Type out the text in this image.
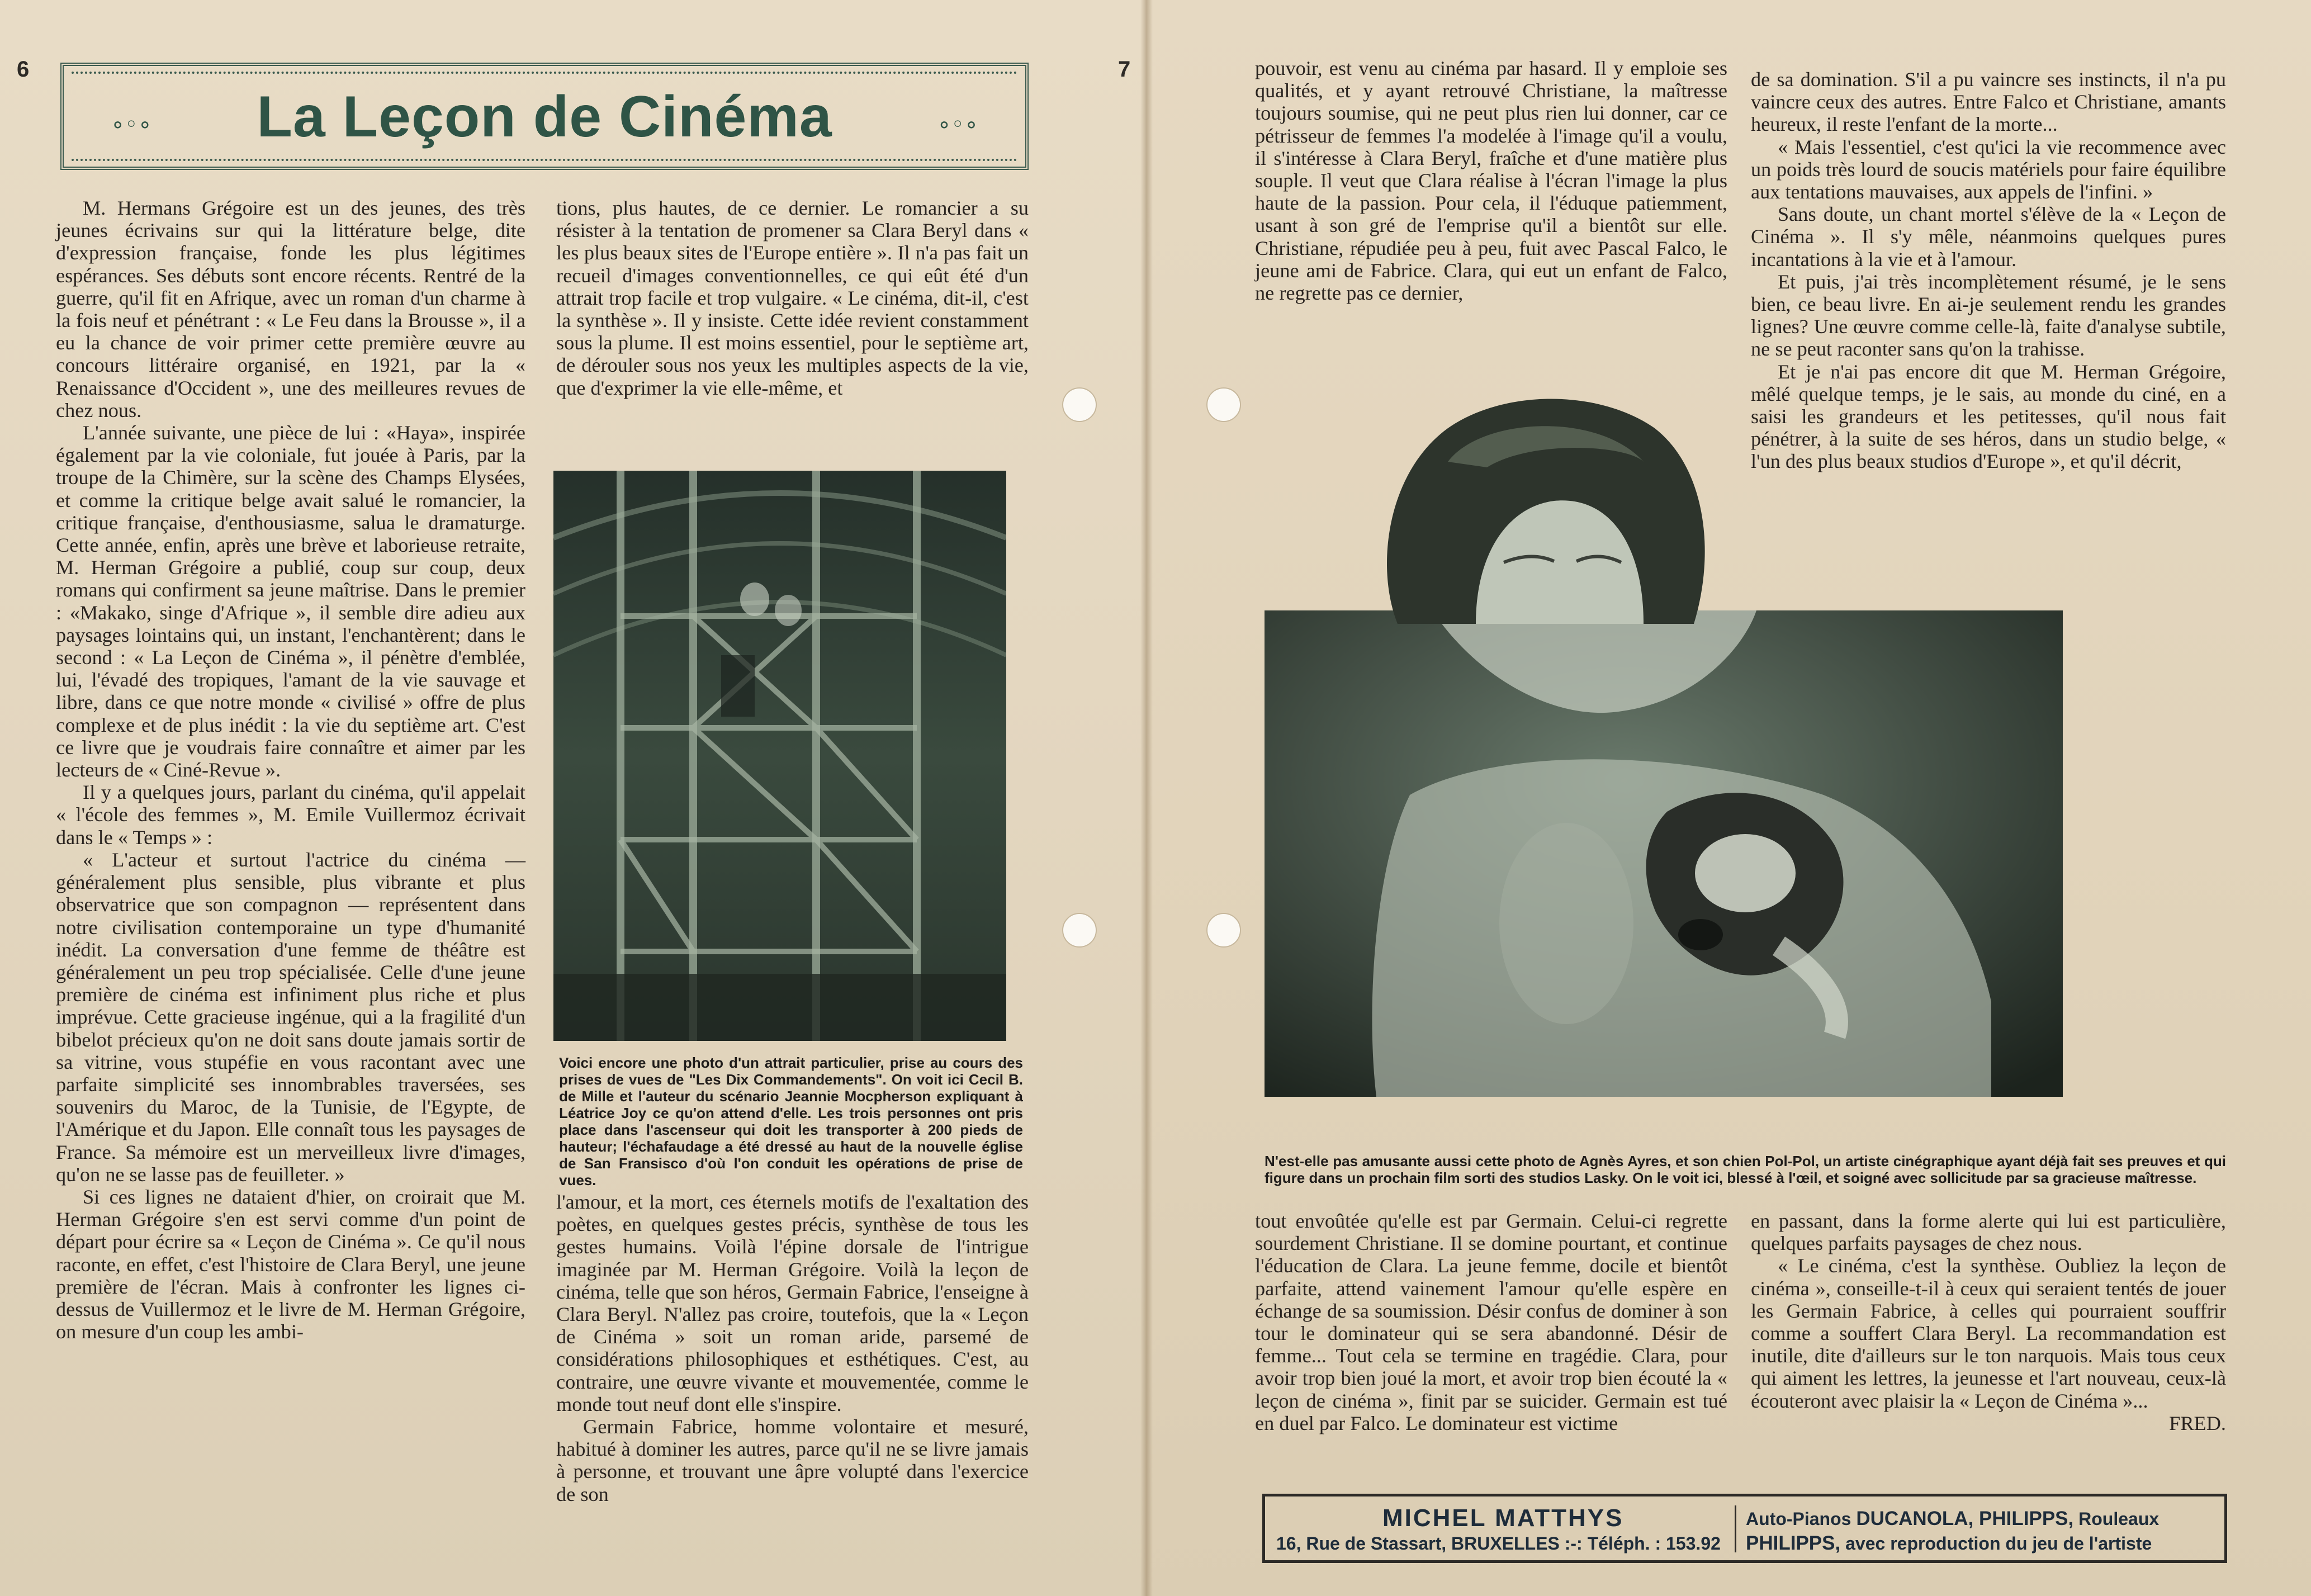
6	7
∘◦∘	La Leçon de Cinéma	∘◦∘

M. Hermans Grégoire est un des jeunes, des très jeunes écrivains sur qui la littérature belge, dite d'expression française, fonde les plus légitimes espérances. Ses débuts sont encore récents. Rentré de la guerre, qu'il fit en Afrique, avec un roman d'un charme à la fois neuf et pénétrant : « Le Feu dans la Brousse », il a eu la chance de voir primer cette première œuvre au concours littéraire organisé, en 1921, par la « Renaissance d'Occident », une des meilleures revues de chez nous.

L'année suivante, une pièce de lui : «Haya», inspirée également par la vie coloniale, fut jouée à Paris, par la troupe de la Chimère, sur la scène des Champs Elysées, et comme la critique belge avait salué le romancier, la critique française, d'enthousiasme, salua le dramaturge. Cette année, enfin, après une brève et laborieuse retraite, M. Herman Grégoire a publié, coup sur coup, deux romans qui confirment sa jeune maîtrise. Dans le premier : «Makako, singe d'Afrique », il semble dire adieu aux paysages lointains qui, un instant, l'enchantèrent; dans le second : « La Leçon de Cinéma », il pénètre d'emblée, lui, l'évadé des tropiques, l'amant de la vie sauvage et libre, dans ce que notre monde « civilisé » offre de plus complexe et de plus inédit : la vie du septième art. C'est ce livre que je voudrais faire connaître et aimer par les lecteurs de « Ciné-Revue ».

Il y a quelques jours, parlant du cinéma, qu'il appelait « l'école des femmes », M. Emile Vuillermoz écrivait dans le « Temps » :

« L'acteur et surtout l'actrice du cinéma — généralement plus sensible, plus vibrante et plus observatrice que son compagnon — représentent dans notre civilisation contemporaine un type d'humanité inédit. La conversation d'une femme de théâtre est généralement un peu trop spécialisée. Celle d'une jeune première de cinéma est infiniment plus riche et plus imprévue. Cette gracieuse ingénue, qui a la fragilité d'un bibelot précieux qu'on ne doit sans doute jamais sortir de sa vitrine, vous stupéfie en vous racontant avec une parfaite simplicité ses innombrables traversées, ses souvenirs du Maroc, de la Tunisie, de l'Egypte, de l'Amérique et du Japon. Elle connaît tous les paysages de France. Sa mémoire est un merveilleux livre d'images, qu'on ne se lasse pas de feuilleter. »

Si ces lignes ne dataient d'hier, on croirait que M. Herman Grégoire s'en est servi comme d'un point de départ pour écrire sa « Leçon de Cinéma ». Ce qu'il nous raconte, en effet, c'est l'histoire de Clara Beryl, une jeune première de l'écran. Mais à confronter les lignes ci-dessus de Vuillermoz et le livre de M. Herman Grégoire, on mesure d'un coup les ambi-

tions, plus hautes, de ce dernier. Le romancier a su résister à la tentation de promener sa Clara Beryl dans « les plus beaux sites de l'Europe entière ». Il n'a pas fait un recueil d'images conventionnelles, ce qui eût été d'un attrait trop facile et trop vulgaire. « Le cinéma, dit-il, c'est la synthèse ». Il y insiste. Cette idée revient constamment sous la plume. Il est moins essentiel, pour le septième art, de dérouler sous nos yeux les multiples aspects de la vie, que d'exprimer la vie elle-même, et

Voici encore une photo d'un attrait particulier, prise au cours des prises de vues de "Les Dix Commandements". On voit ici Cecil B. de Mille et l'auteur du scénario Jeannie Mocpherson expliquant à Léatrice Joy ce qu'on attend d'elle. Les trois personnes ont pris place dans l'ascenseur qui doit les transporter à 200 pieds de hauteur; l'échafaudage a été dressé au haut de la nouvelle église de San Fransisco d'où l'on conduit les opérations de prise de vues.

l'amour, et la mort, ces éternels motifs de l'exaltation des poètes, en quelques gestes précis, synthèse de tous les gestes humains. Voilà l'épine dorsale de l'intrigue imaginée par M. Herman Grégoire. Voilà la leçon de cinéma, telle que son héros, Germain Fabrice, l'enseigne à Clara Beryl. N'allez pas croire, toutefois, que la « Leçon de Cinéma » soit un roman aride, parsemé de considérations philosophiques et esthétiques. C'est, au contraire, une œuvre vivante et mouvementée, comme le monde tout neuf dont elle s'inspire.

Germain Fabrice, homme volontaire et mesuré, habitué à dominer les autres, parce qu'il ne se livre jamais à personne, et trouvant une âpre volupté dans l'exercice de son

pouvoir, est venu au cinéma par hasard. Il y emploie ses qualités, et y ayant retrouvé Christiane, la maîtresse toujours soumise, qui ne peut plus rien lui donner, car ce pétrisseur de femmes l'a modelée à l'image qu'il a voulu, il s'intéresse à Clara Beryl, fraîche et d'une matière plus souple. Il veut que Clara réalise à l'écran l'image la plus haute de la passion. Pour cela, il l'éduque patiemment, usant à son gré de l'emprise qu'il a bientôt sur elle. Christiane, répudiée peu à peu, fuit avec Pascal Falco, le jeune ami de Fabrice. Clara, qui eut un enfant de Falco, ne regrette pas ce dernier,

de sa domination. S'il a pu vaincre ses instincts, il n'a pu vaincre ceux des autres. Entre Falco et Christiane, amants heureux, il reste l'enfant de la morte...

« Mais l'essentiel, c'est qu'ici la vie recommence avec un poids très lourd de soucis matériels pour faire équilibre aux tentations mauvaises, aux appels de l'infini. »

Sans doute, un chant mortel s'élève de la « Leçon de Cinéma ». Il s'y mêle, néanmoins quelques pures incantations à la vie et à l'amour.

Et puis, j'ai très incomplètement résumé, je le sens bien, ce beau livre. En ai-je seulement rendu les grandes lignes? Une œuvre comme celle-là, faite d'analyse subtile, ne se peut raconter sans qu'on la trahisse.

Et je n'ai pas encore dit que M. Herman Grégoire, mêlé quelque temps, je le sais, au monde du ciné, en a saisi les grandeurs et les petitesses, qu'il nous fait pénétrer, à la suite de ses héros, dans un studio belge, « l'un des plus beaux studios d'Europe », et qu'il décrit,

N'est-elle pas amusante aussi cette photo de Agnès Ayres, et son chien Pol-Pol, un artiste cinégraphique ayant déjà fait ses preuves et qui figure dans un prochain film sorti des studios Lasky. On le voit ici, blessé à l'œil, et soigné avec sollicitude par sa gracieuse maîtresse.

tout envoûtée qu'elle est par Germain. Celui-ci regrette sourdement Christiane. Il se domine pourtant, et continue l'éducation de Clara. La jeune femme, docile et bientôt parfaite, attend vainement l'amour qu'elle espère en échange de sa soumission. Désir confus de dominer à son tour le dominateur qui se sera abandonné. Désir de femme... Tout cela se termine en tragédie. Clara, pour avoir trop bien joué la mort, et avoir trop bien écouté la « leçon de cinéma », finit par se suicider. Germain est tué en duel par Falco. Le dominateur est victime

en passant, dans la forme alerte qui lui est particulière, quelques parfaits paysages de chez nous.

« Le cinéma, c'est la synthèse. Oubliez la leçon de cinéma », conseille-t-il à ceux qui seraient tentés de jouer les Germain Fabrice, à celles qui pourraient souffrir comme a souffert Clara Beryl. La recommandation est inutile, dite d'ailleurs sur le ton narquois. Mais tous ceux qui aiment les lettres, la jeunesse et l'art nouveau, ceux-là écouteront avec plaisir la « Leçon de Cinéma »...
FRED.

MICHEL MATTHYS
16, Rue de Stassart, BRUXELLES :-: Téléph. : 153.92
Auto-Pianos DUCANOLA, PHILIPPS, Rouleaux
PHILIPPS, avec reproduction du jeu de l'artiste
